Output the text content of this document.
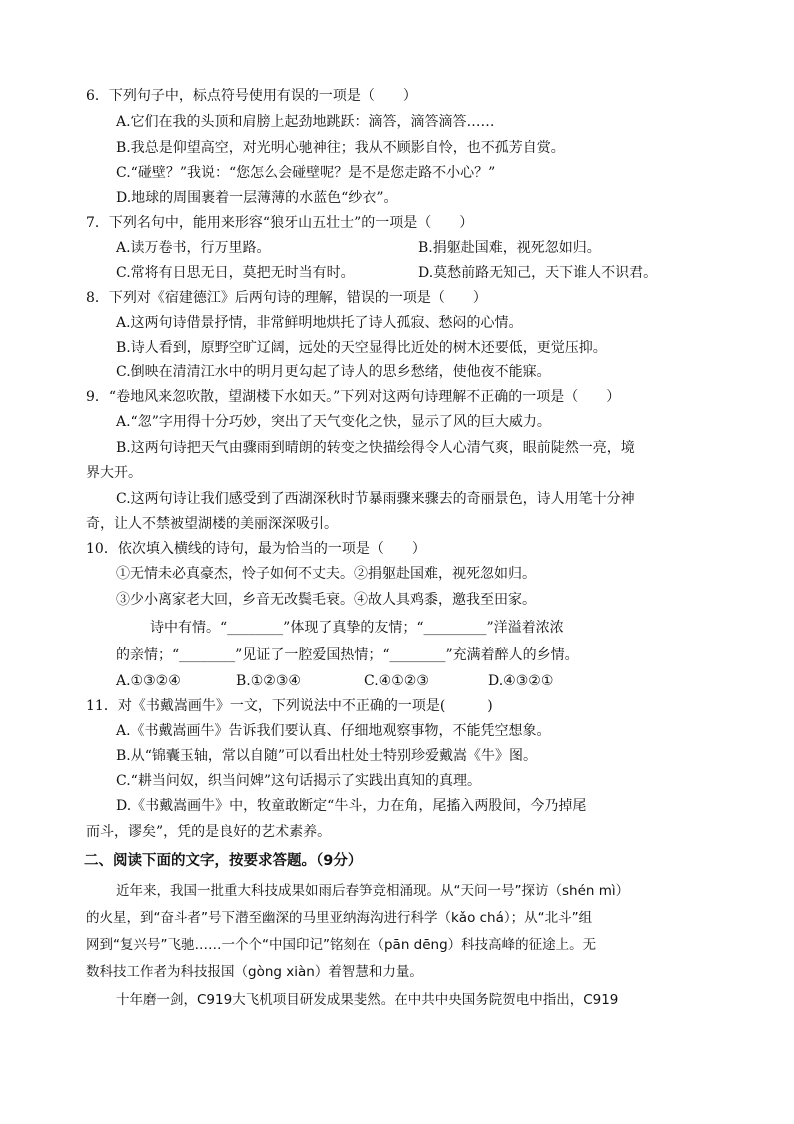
6．下列句子中，标点符号使用有误的一项是（　　）
A.它们在我的头顶和肩膀上起劲地跳跃：滴答，滴答滴答……
B.我总是仰望高空，对光明心驰神往；我从不顾影自怜，也不孤芳自赏。
C.“碰壁？”我说：“您怎么会碰壁呢？是不是您走路不小心？”
D.地球的周围裹着一层薄薄的水蓝色“纱衣”。
7．下列名句中，能用来形容“狼牙山五壮士”的一项是（　　）
A.读万卷书，行万里路。	B.捐躯赴国难，视死忽如归。
C.常将有日思无日，莫把无时当有时。	D.莫愁前路无知己，天下谁人不识君。
8．下列对《宿建德江》后两句诗的理解，错误的一项是（　　）
A.这两句诗借景抒情，非常鲜明地烘托了诗人孤寂、愁闷的心情。
B.诗人看到，原野空旷辽阔，远处的天空显得比近处的树木还要低，更觉压抑。
C.倒映在清清江水中的明月更勾起了诗人的思乡愁绪，使他夜不能寐。
9．“卷地风来忽吹散，望湖楼下水如天。”下列对这两句诗理解不正确的一项是（　　）
A.“忽”字用得十分巧妙，突出了天气变化之快，显示了风的巨大威力。
B.这两句诗把天气由骤雨到晴朗的转变之快描绘得令人心清气爽，眼前陡然一亮，境
界大开。
C.这两句诗让我们感受到了西湖深秋时节暴雨骤来骤去的奇丽景色，诗人用笔十分神
奇，让人不禁被望湖楼的美丽深深吸引。
10．依次填入横线的诗句，最为恰当的一项是（　　）
①无情未必真豪杰，怜子如何不丈夫。②捐躯赴国难，视死忽如归。
③少小离家老大回，乡音无改鬓毛衰。④故人具鸡黍，邀我至田家。
诗中有情。“________”体现了真挚的友情；“_________”洋溢着浓浓
的亲情；“________”见证了一腔爱国热情；“________”充满着醉人的乡情。
A.①③②④	B.①②③④	C.④①②③	D.④③②①
11．对《书戴嵩画牛》一文，下列说法中不正确的一项是(　　　)
A.《书戴嵩画牛》告诉我们要认真、仔细地观察事物，不能凭空想象。
B.从“锦囊玉轴，常以自随”可以看出杜处士特别珍爱戴嵩《牛》图。
C.“耕当问奴，织当问婢”这句话揭示了实践出真知的真理。
D.《书戴嵩画牛》中，牧童敢断定“牛斗，力在角，尾搐入两股间，今乃掉尾
而斗，谬矣”，凭的是良好的艺术素养。
二、阅读下面的文字，按要求答题。（9分）
近年来，我国一批重大科技成果如雨后春笋竞相涌现。从“天问一号”探访（shén mì）
的火星，到“奋斗者”号下潜至幽深的马里亚纳海沟进行科学（kǎo chá）；从“北斗”组
网到“复兴号”飞驰……一个个“中国印记”铭刻在（pān dēng）科技高峰的征途上。无
数科技工作者为科技报国（gòng xiàn）着智慧和力量。
十年磨一剑，C919大飞机项目研发成果斐然。在中共中央国务院贺电中指出，C919
